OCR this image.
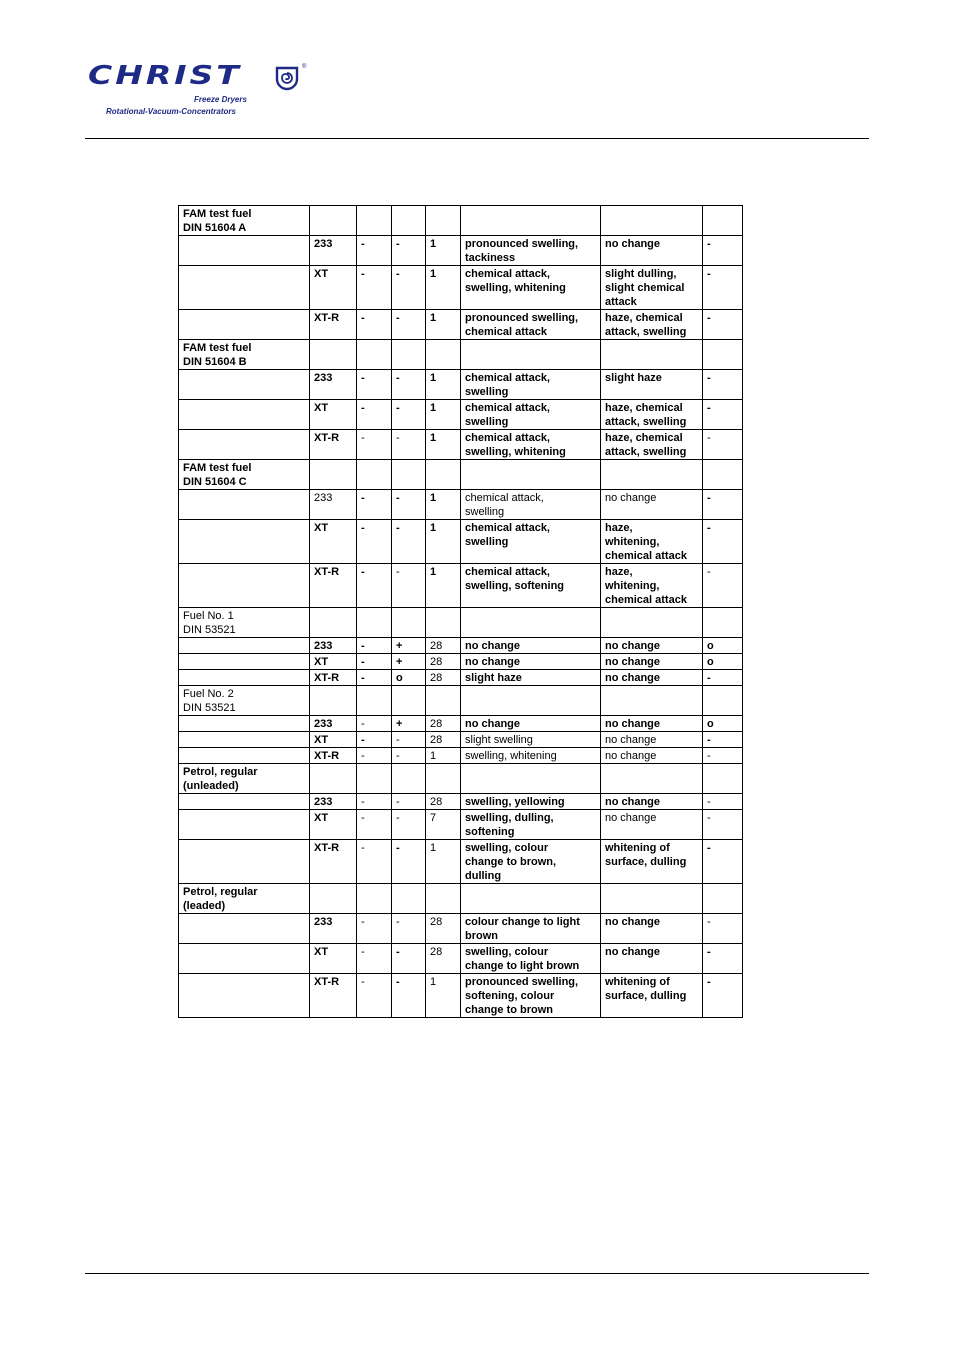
CHRIST	®
Freeze Dryers
Rotational-Vacuum-Concentrators
FAM test fuel
DIN 51604 A							
	233	-	-	1	pronounced swelling,
tackiness	no change	-
	XT	-	-	1	chemical attack,
swelling, whitening	slight dulling,
slight chemical
attack	-
	XT-R	-	-	1	pronounced swelling,
chemical attack	haze, chemical
attack, swelling	-
FAM test fuel
DIN 51604 B							
	233	-	-	1	chemical attack,
swelling	slight haze	-
	XT	-	-	1	chemical attack,
swelling	haze, chemical
attack, swelling	-
	XT-R	-	-	1	chemical attack,
swelling, whitening	haze, chemical
attack, swelling	-
FAM test fuel
DIN 51604 C							
	233	-	-	1	chemical attack,
swelling	no change	-
	XT	-	-	1	chemical attack,
swelling	haze,
whitening,
chemical attack	-
	XT-R	-	-	1	chemical attack,
swelling, softening	haze,
whitening,
chemical attack	-
Fuel No. 1
DIN 53521							
	233	-	+	28	no change	no change	o
	XT	-	+	28	no change	no change	o
	XT-R	-	o	28	slight haze	no change	-
Fuel No. 2
DIN 53521							
	233	-	+	28	no change	no change	o
	XT	-	-	28	slight swelling	no change	-
	XT-R	-	-	1	swelling, whitening	no change	-
Petrol, regular
(unleaded)							
	233	-	-	28	swelling, yellowing	no change	-
	XT	-	-	7	swelling, dulling,
softening	no change	-
	XT-R	-	-	1	swelling, colour
change to brown,
dulling	whitening of
surface, dulling	-
Petrol, regular
(leaded)							
	233	-	-	28	colour change to light
brown	no change	-
	XT	-	-	28	swelling, colour
change to light brown	no change	-
	XT-R	-	-	1	pronounced swelling,
softening, colour
change to brown	whitening of
surface, dulling	-
